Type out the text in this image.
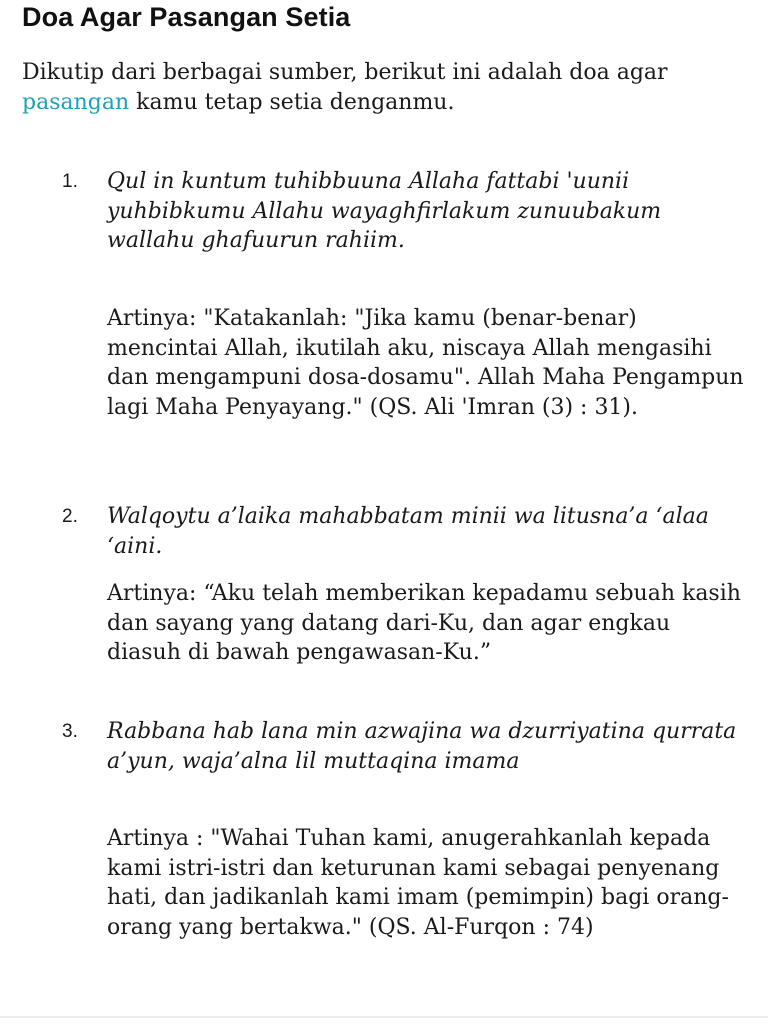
Doa Agar Pasangan Setia

Dikutip dari berbagai sumber, berikut ini adalah doa agar pasangan kamu tetap setia denganmu.

1. Qul in kuntum tuhibbuuna Allaha fattabi 'uunii yuhbibkumu Allahu wayaghfirlakum zunuubakum wallahu ghafuurun rahiim.

Artinya: "Katakanlah: "Jika kamu (benar-benar) mencintai Allah, ikutilah aku, niscaya Allah mengasihi dan mengampuni dosa-dosamu". Allah Maha Pengampun lagi Maha Penyayang." (QS. Ali 'Imran (3) : 31).

2. Walqoytu a’laika mahabbatam minii wa litusna’a ‘alaa ‘aini.

Artinya: “Aku telah memberikan kepadamu sebuah kasih dan sayang yang datang dari-Ku, dan agar engkau diasuh di bawah pengawasan-Ku.”

3. Rabbana hab lana min azwajina wa dzurriyatina qurrata a’yun, waja’alna lil muttaqina imama

Artinya : "Wahai Tuhan kami, anugerahkanlah kepada kami istri-istri dan keturunan kami sebagai penyenang hati, dan jadikanlah kami imam (pemimpin) bagi orang-orang yang bertakwa." (QS. Al-Furqon : 74)
